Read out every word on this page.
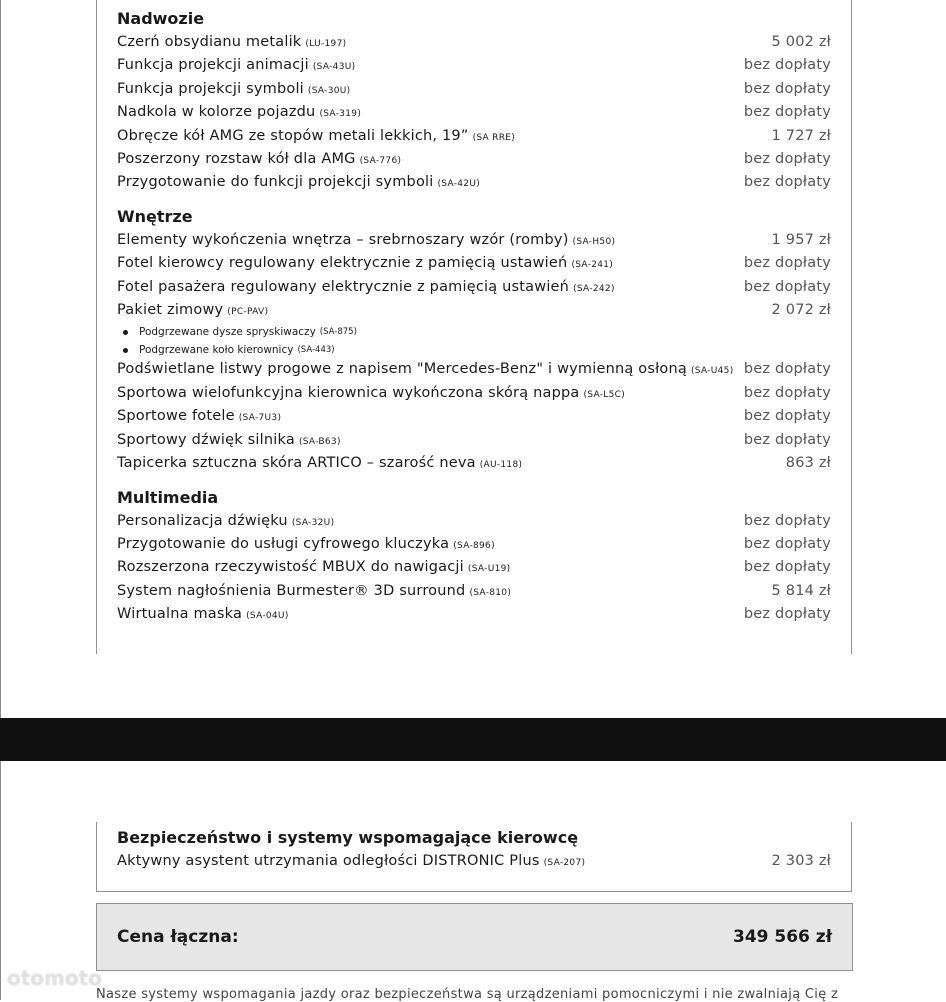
Nadwozie
Czerń obsydianu metalik (LU-197)	5 002 zł
Funkcja projekcji animacji (SA-43U)	bez dopłaty
Funkcja projekcji symboli (SA-30U)	bez dopłaty
Nadkola w kolorze pojazdu (SA-319)	bez dopłaty
Obręcze kół AMG ze stopów metali lekkich, 19” (SA RRE)	1 727 zł
Poszerzony rozstaw kół dla AMG (SA-776)	bez dopłaty
Przygotowanie do funkcji projekcji symboli (SA-42U)	bez dopłaty
Wnętrze
Elementy wykończenia wnętrza – srebrnoszary wzór (romby) (SA-H50)	1 957 zł
Fotel kierowcy regulowany elektrycznie z pamięcią ustawień (SA-241)	bez dopłaty
Fotel pasażera regulowany elektrycznie z pamięcią ustawień (SA-242)	bez dopłaty
Pakiet zimowy (PC-PAV)	2 072 zł
Podgrzewane dysze spryskiwaczy (SA-875)
Podgrzewane koło kierownicy (SA-443)
Podświetlane listwy progowe z napisem "Mercedes-Benz" i wymienną osłoną (SA-U45) bez dopłaty
Sportowa wielofunkcyjna kierownica wykończona skórą nappa (SA-L5C)	bez dopłaty
Sportowe fotele (SA-7U3)	bez dopłaty
Sportowy dźwięk silnika (SA-B63)	bez dopłaty
Tapicerka sztuczna skóra ARTICO – szarość neva (AU-118)	863 zł
Multimedia
Personalizacja dźwięku (SA-32U)	bez dopłaty
Przygotowanie do usługi cyfrowego kluczyka (SA-896)	bez dopłaty
Rozszerzona rzeczywistość MBUX do nawigacji (SA-U19)	bez dopłaty
System nagłośnienia Burmester® 3D surround (SA-810)	5 814 zł
Wirtualna maska (SA-04U)	bez dopłaty
Bezpieczeństwo i systemy wspomagające kierowcę
Aktywny asystent utrzymania odległości DISTRONIC Plus (SA-207)	2 303 zł
Cena łączna:	349 566 zł
otomoto
Nasze systemy wspomagania jazdy oraz bezpieczeństwa są urządzeniami pomocniczymi i nie zwalniają Cię z
